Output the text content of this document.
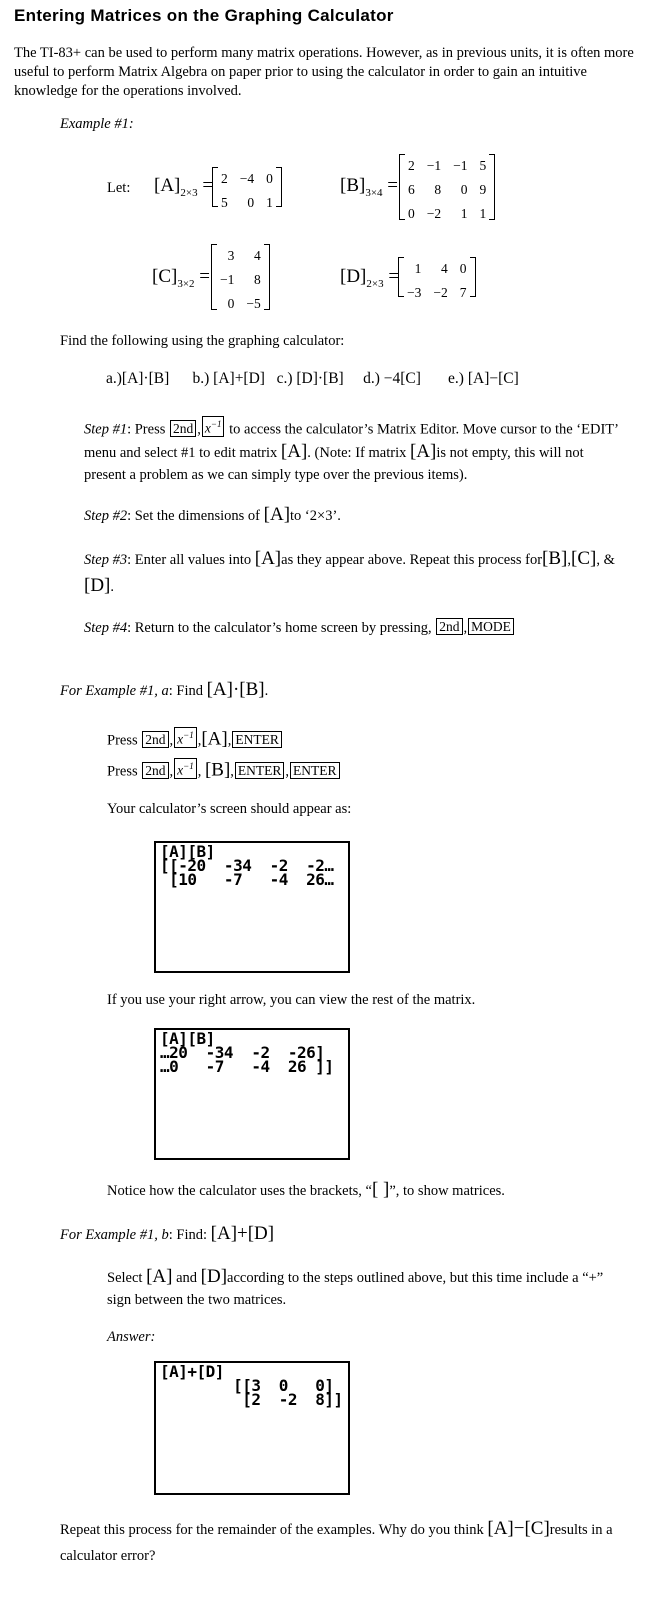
Entering Matrices on the Graphing Calculator
The TI-83+ can be used to perform many matrix operations. However, as in previous units, it is often more useful to perform Matrix Algebra on paper prior to using the calculator in order to gain an intuitive knowledge for the operations involved.
Example #1:
Let: $[A]_{2\times 3} = 2 -4$ 0
5	0 1
$[B]_{3\times 4}$ =
2 −1 −1 5
6	8	0 9
0 −2	1 1
$[C]_{3\times 2}$ =
3	4
−1	8
0 −5
$[D]_{2\times 3}$ =	1	4 0
−3 −2 7
Find the following using the graphing calculator:
a.)[A]·[B] b.) [A]+[D] c.) [D]·[B] d.) −4[C] e.) [A]−[C]
Step #1: Press 2nd , $x^{-1}$ to access the calculator’s Matrix Editor. Move cursor to the ‘EDIT’ menu and select #1 to edit matrix [A]. (Note: If matrix [A]is not empty, this will not present a problem as we can simply type over the previous items).
Step #2: Set the dimensions of [A]to ‘2×3’.
Step #3: Enter all values into [A]as they appear above. Repeat this process for[B],[C], &[D].
Step #4: Return to the calculator’s home screen by pressing, 2nd , MODE
For Example #1, a: Find [A]·[B].
Press 2nd , $x^{-1}$ ,[A], ENTER
Press 2nd , $x^{-1}$ , [B], ENTER , ENTER
Your calculator’s screen should appear as:
[A][B]
[[-20  -34  -2  -2…
[10   -7   -4  26…
If you use your right arrow, you can view the rest of the matrix.
[A][B]
…20  -34  -2  -26]
…0   -7   -4  26 ]]
Notice how the calculator uses the brackets, “[ ]”, to show matrices.
For Example #1, b: Find: [A]+[D]
Select [A] and [D]according to the steps outlined above, but this time include a “+” sign between the two matrices.
Answer:
[A]+[D]
[[3  0   0]
[2  -2  8]]
Repeat this process for the remainder of the examples. Why do you think [A]−[C]results in a calculator error?
